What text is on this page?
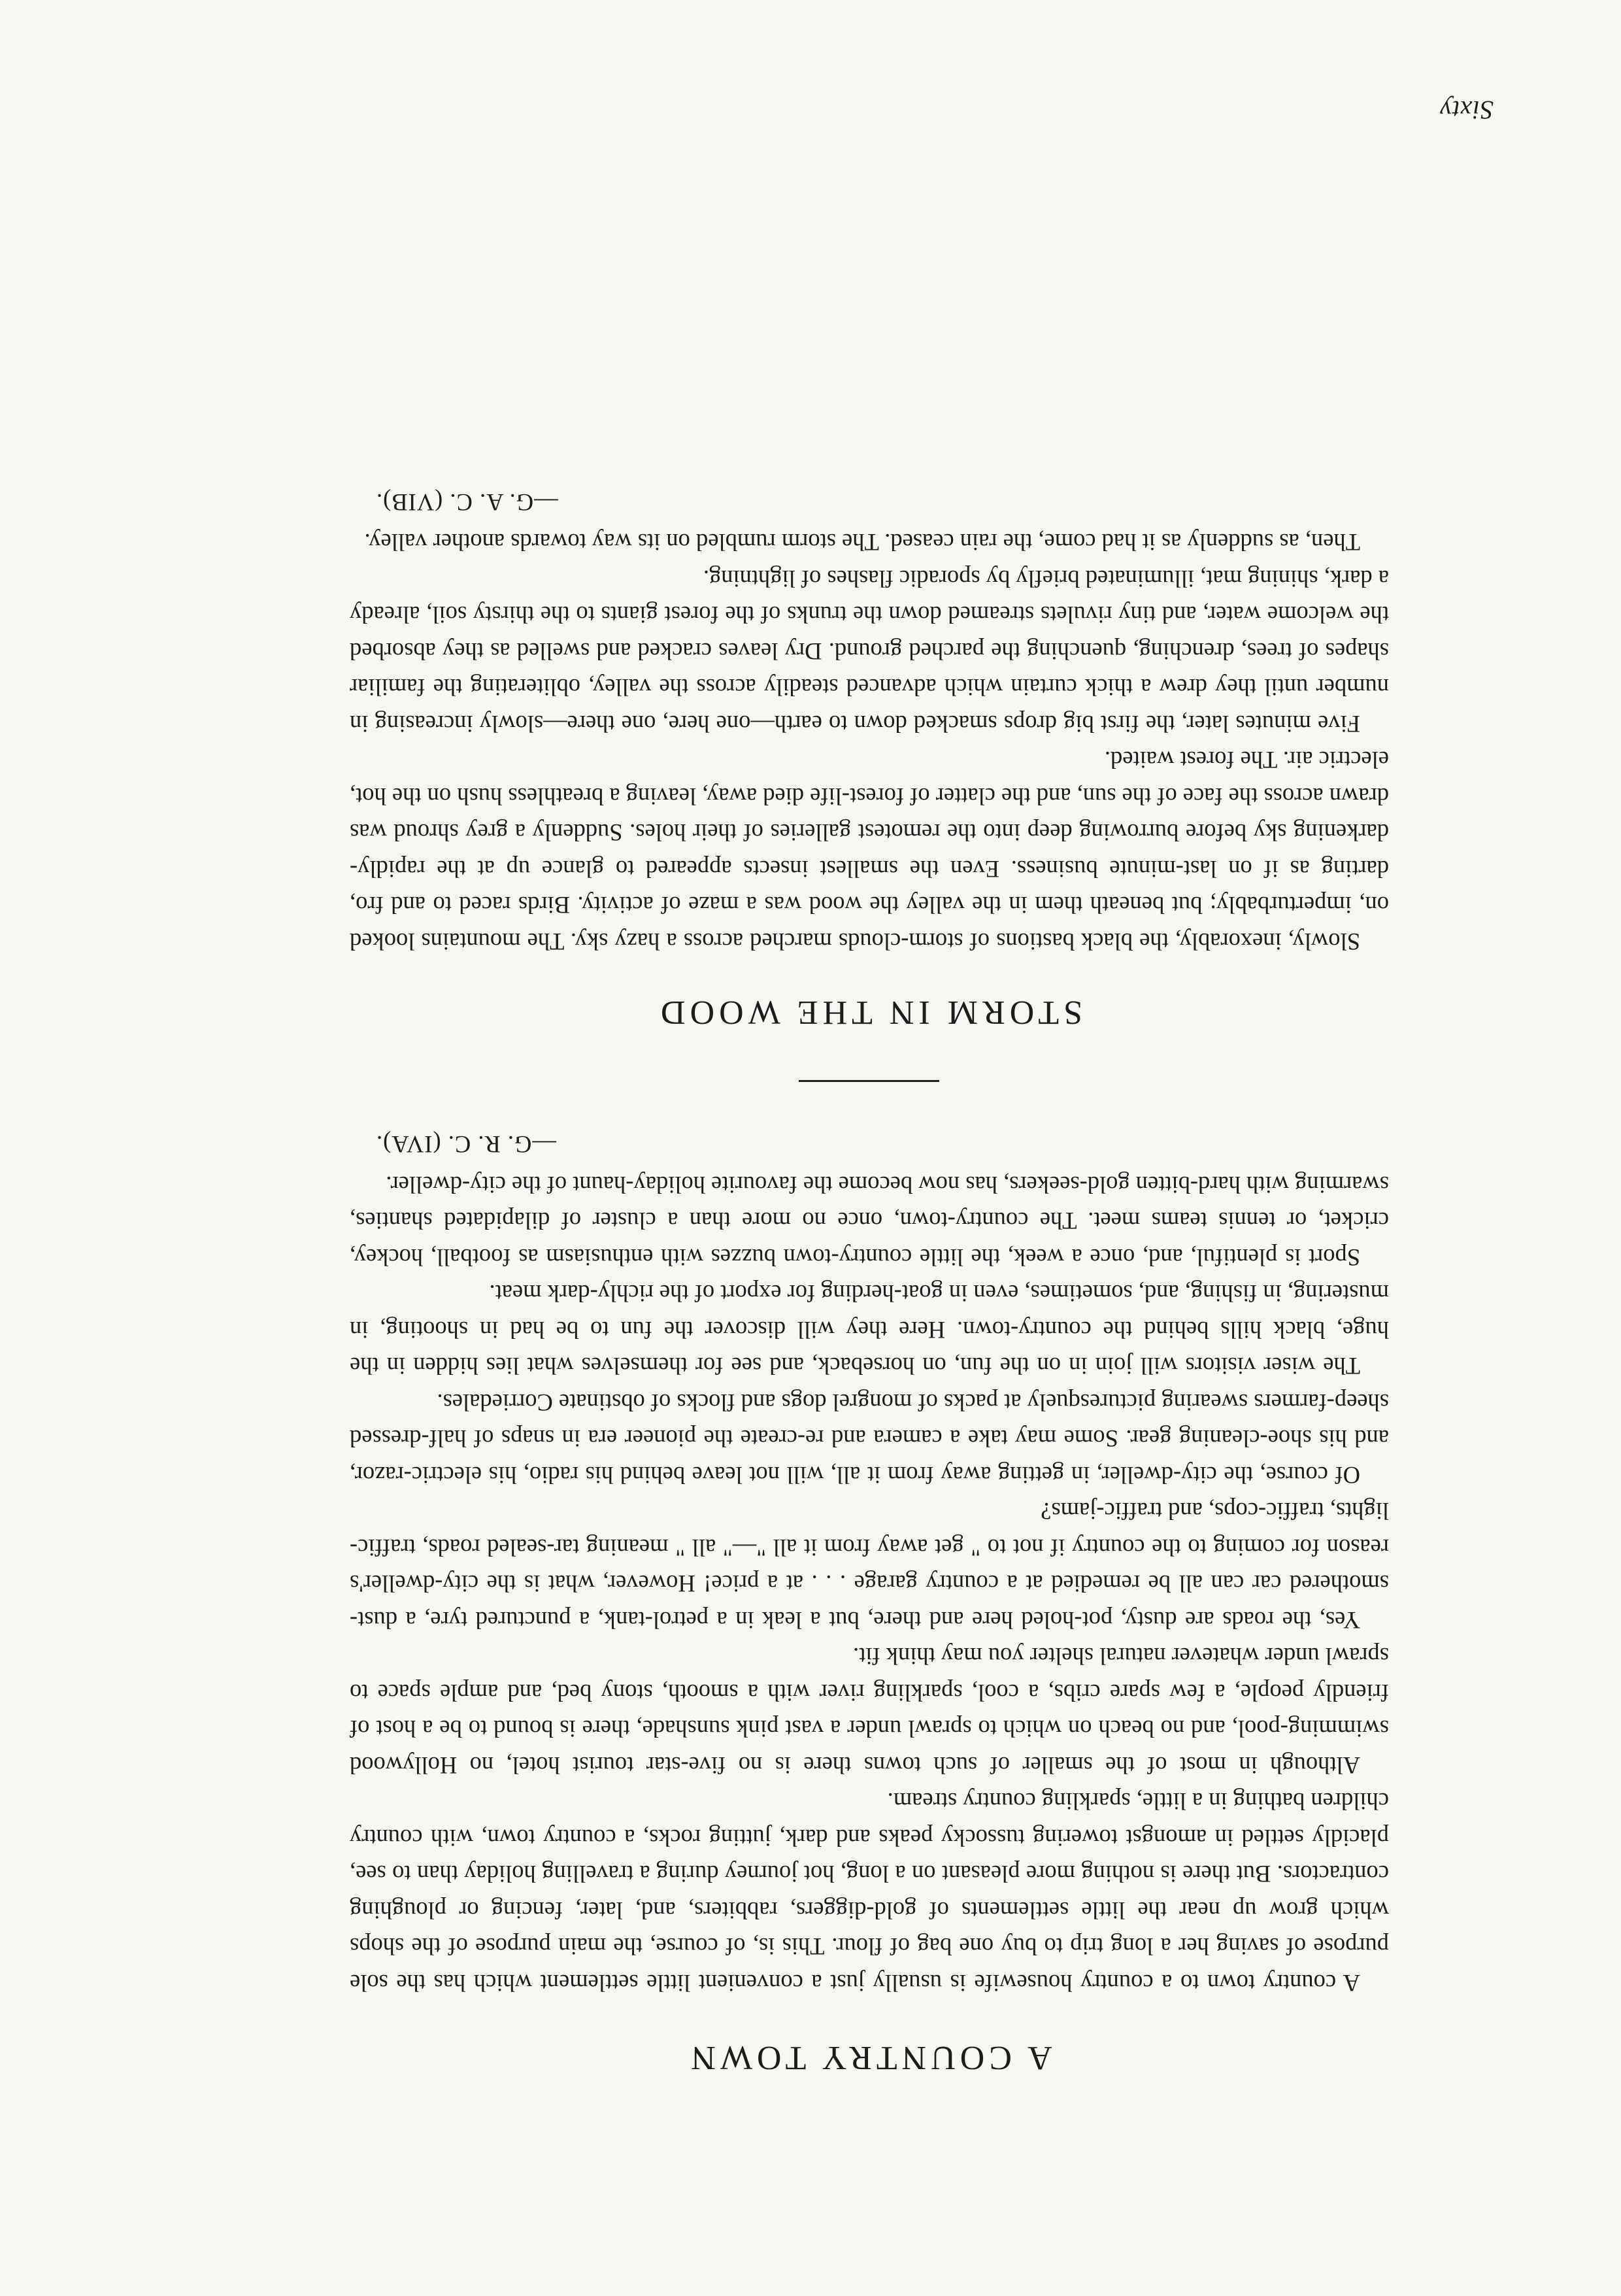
A COUNTRY TOWN

A country town to a country housewife is usually just a convenient little settlement which has the sole purpose of saving her a long trip to buy one bag of flour. This is, of course, the main purpose of the shops which grow up near the little settlements of gold-diggers, rabbiters, and, later, fencing or ploughing contractors. But there is nothing more pleasant on a long, hot journey during a travelling holiday than to see, placidly settled in amongst towering tussocky peaks and dark, jutting rocks, a country town, with country children bathing in a little, sparkling country stream.

Although in most of the smaller of such towns there is no five-star tourist hotel, no Hollywood swimming-pool, and no beach on which to sprawl under a vast pink sunshade, there is bound to be a host of friendly people, a few spare cribs, a cool, sparkling river with a smooth, stony bed, and ample space to sprawl under whatever natural shelter you may think fit.

Yes, the roads are dusty, pot-holed here and there, but a leak in a petrol-tank, a punctured tyre, a dust-smothered car can all be remedied at a country garage . . . at a price! However, what is the city-dweller's reason for coming to the country if not to " get away from it all "—" all " meaning tar-sealed roads, traffic-lights, traffic-cops, and traffic-jams?

Of course, the city-dweller, in getting away from it all, will not leave behind his radio, his electric-razor, and his shoe-cleaning gear. Some may take a camera and re-create the pioneer era in snaps of half-dressed sheep-farmers swearing picturesquely at packs of mongrel dogs and flocks of obstinate Corriedales.

The wiser visitors will join in on the fun, on horseback, and see for themselves what lies hidden in the huge, black hills behind the country-town. Here they will discover the fun to be had in shooting, in mustering, in fishing, and, sometimes, even in goat-herding for export of the richly-dark meat.

Sport is plentiful, and, once a week, the little country-town buzzes with enthusiasm as football, hockey, cricket, or tennis teams meet. The country-town, once no more than a cluster of dilapidated shanties, swarming with hard-bitten gold-seekers, has now become the favourite holiday-haunt of the city-dweller.

—G. R. C. (IVA).
STORM IN THE WOOD

Slowly, inexorably, the black bastions of storm-clouds marched across a hazy sky. The mountains looked on, imperturbably; but beneath them in the valley the wood was a maze of activity. Birds raced to and fro, darting as if on last-minute business. Even the smallest insects appeared to glance up at the rapidly-darkening sky before burrowing deep into the remotest galleries of their holes. Suddenly a grey shroud was drawn across the face of the sun, and the clatter of forest-life died away, leaving a breathless hush on the hot, electric air. The forest waited.

Five minutes later, the first big drops smacked down to earth—one here, one there—slowly increasing in number until they drew a thick curtain which advanced steadily across the valley, obliterating the familiar shapes of trees, drenching, quenching the parched ground. Dry leaves cracked and swelled as they absorbed the welcome water, and tiny rivulets streamed down the trunks of the forest giants to the thirsty soil, already a dark, shining mat, illuminated briefly by sporadic flashes of lightning.

Then, as suddenly as it had come, the rain ceased. The storm rumbled on its way towards another valley.

—G. A. C. (VIB).
Sixty
